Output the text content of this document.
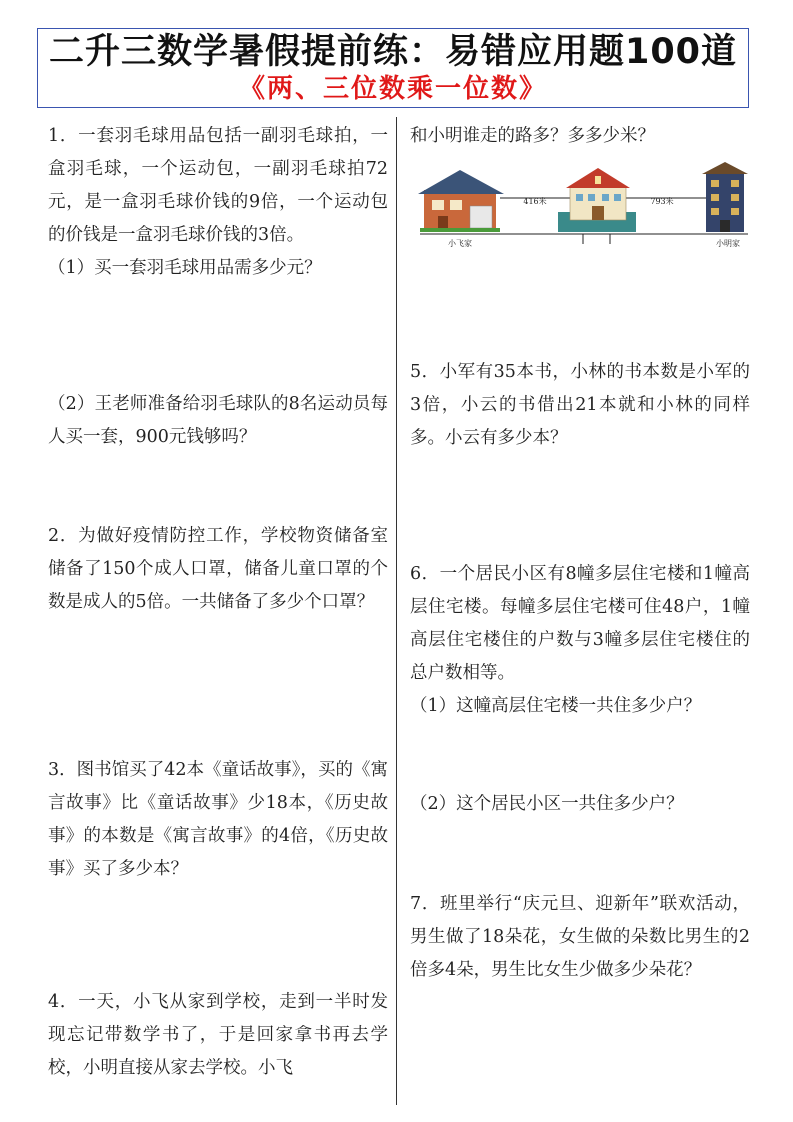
二升三数学暑假提前练：易错应用题100道
《两、三位数乘一位数》

1．一套羽毛球用品包括一副羽毛球拍，一盒羽毛球，一个运动包，一副羽毛球拍72元，是一盒羽毛球价钱的9倍，一个运动包的价钱是一盒羽毛球价钱的3倍。

（1）买一套羽毛球用品需多少元？

（2）王老师准备给羽毛球队的8名运动员每人买一套，900元钱够吗？

2．为做好疫情防控工作，学校物资储备室储备了150个成人口罩，储备儿童口罩的个数是成人的5倍。一共储备了多少个口罩？

3．图书馆买了42本《童话故事》，买的《寓言故事》比《童话故事》少18本，《历史故事》的本数是《寓言故事》的4倍，《历史故事》买了多少本？

4．一天，小飞从家到学校，走到一半时发现忘记带数学书了，于是回家拿书再去学校，小明直接从家去学校。小飞

和小明谁走的路多？多多少米？

416米	793米
小飞家	小明家

5．小军有35本书，小林的书本数是小军的3倍，小云的书借出21本就和小林的同样多。小云有多少本？

6．一个居民小区有8幢多层住宅楼和1幢高层住宅楼。每幢多层住宅楼可住48户，1幢高层住宅楼住的户数与3幢多层住宅楼住的总户数相等。

（1）这幢高层住宅楼一共住多少户？

（2）这个居民小区一共住多少户？

7．班里举行“庆元旦、迎新年”联欢活动，男生做了18朵花，女生做的朵数比男生的2倍多4朵，男生比女生少做多少朵花？
